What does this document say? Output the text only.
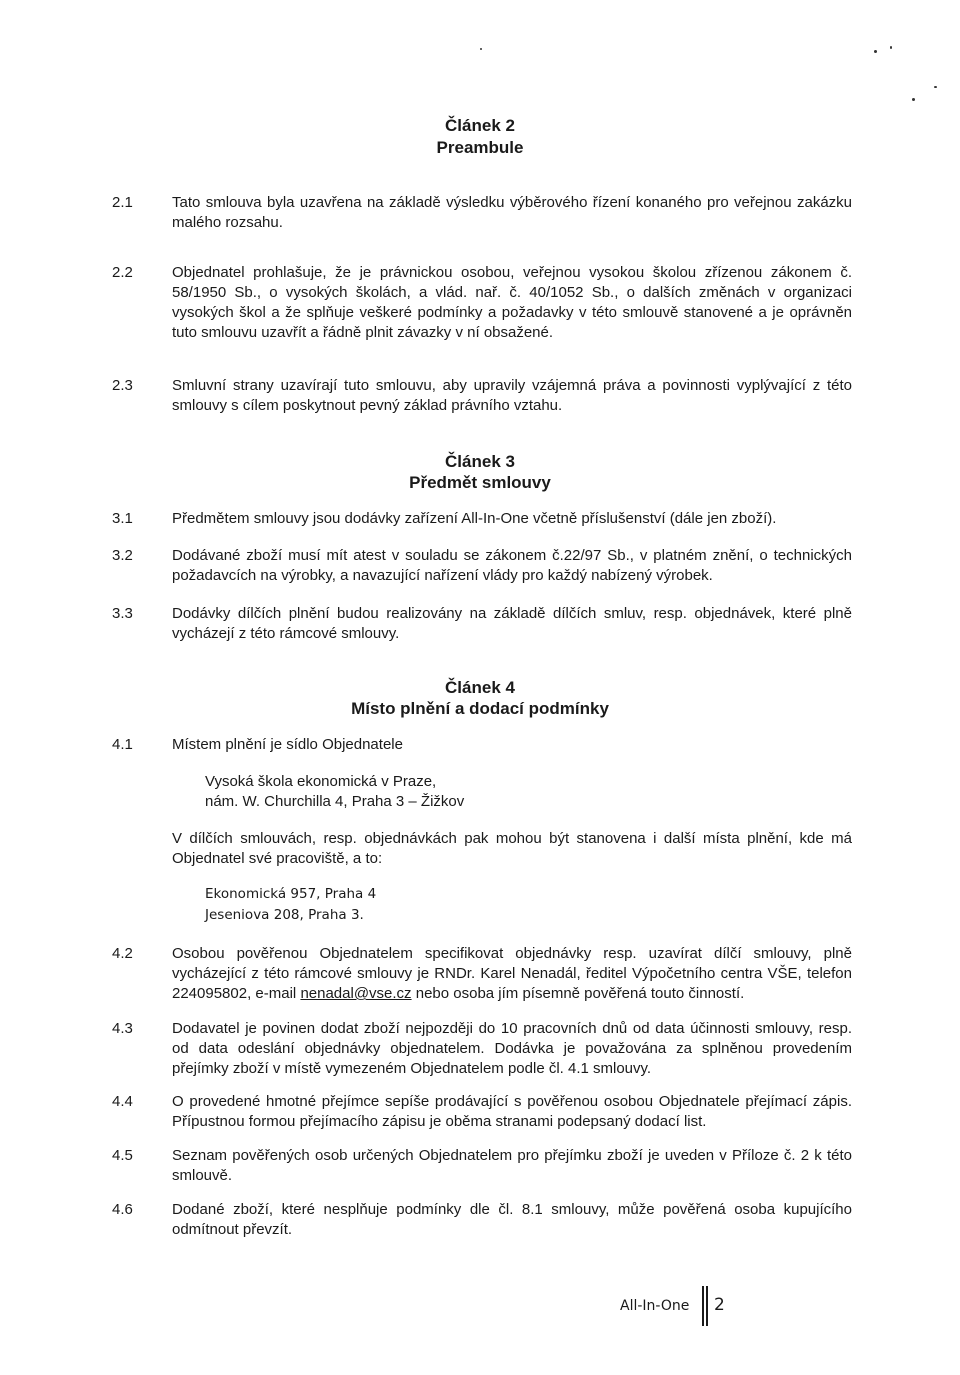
Článek 2
Preambule
2.1	Tato smlouva byla uzavřena na základě výsledku výběrového řízení konaného pro veřejnou zakázku malého rozsahu.
2.2	Objednatel prohlašuje, že je právnickou osobou, veřejnou vysokou školou zřízenou zákonem č. 58/1950 Sb., o vysokých školách, a vlád. nař. č. 40/1052 Sb., o dalších změnách v organizaci vysokých škol a že splňuje veškeré podmínky a požadavky v této smlouvě stanovené a je oprávněn tuto smlouvu uzavřít a řádně plnit závazky v ní obsažené.
2.3	Smluvní strany uzavírají tuto smlouvu, aby upravily vzájemná práva a povinnosti vyplývající z této smlouvy s cílem poskytnout pevný základ právního vztahu.
Článek 3
Předmět smlouvy
3.1	Předmětem smlouvy jsou dodávky zařízení All-In-One včetně příslušenství (dále jen zboží).
3.2	Dodávané zboží musí mít atest v souladu se zákonem č.22/97 Sb., v platném znění, o technických požadavcích na výrobky, a navazující nařízení vlády pro každý nabízený výrobek.
3.3	Dodávky dílčích plnění budou realizovány na základě dílčích smluv, resp. objednávek, které plně vycházejí z této rámcové smlouvy.
Článek 4
Místo plnění a dodací podmínky
4.1	Místem plnění je sídlo Objednatele
Vysoká škola ekonomická v Praze,
nám. W. Churchilla 4, Praha 3 – Žižkov
V dílčích smlouvách, resp. objednávkách pak mohou být stanovena i další místa plnění, kde má Objednatel své pracoviště, a to:
Ekonomická 957, Praha 4
Jeseniova 208, Praha 3.
4.2	Osobou pověřenou Objednatelem specifikovat objednávky resp. uzavírat dílčí smlouvy, plně vycházející z této rámcové smlouvy je RNDr. Karel Nenadál, ředitel Výpočetního centra VŠE, telefon 224095802, e-mail nenadal@vse.cz nebo osoba jím písemně pověřená touto činností.
4.3	Dodavatel je povinen dodat zboží nejpozději do 10 pracovních dnů od data účinnosti smlouvy, resp. od data odeslání objednávky objednatelem. Dodávka je považována za splněnou provedením přejímky zboží v místě vymezeném Objednatelem podle čl. 4.1 smlouvy.
4.4	O provedené hmotné přejímce sepíše prodávající s pověřenou osobou Objednatele přejímací zápis. Přípustnou formou přejímacího zápisu je oběma stranami podepsaný dodací list.
4.5	Seznam pověřených osob určených Objednatelem pro přejímku zboží je uveden v Příloze č. 2 k této smlouvě.
4.6	Dodané zboží, které nesplňuje podmínky dle čl. 8.1 smlouvy, může pověřená osoba kupujícího odmítnout převzít.
All-In-One 2
